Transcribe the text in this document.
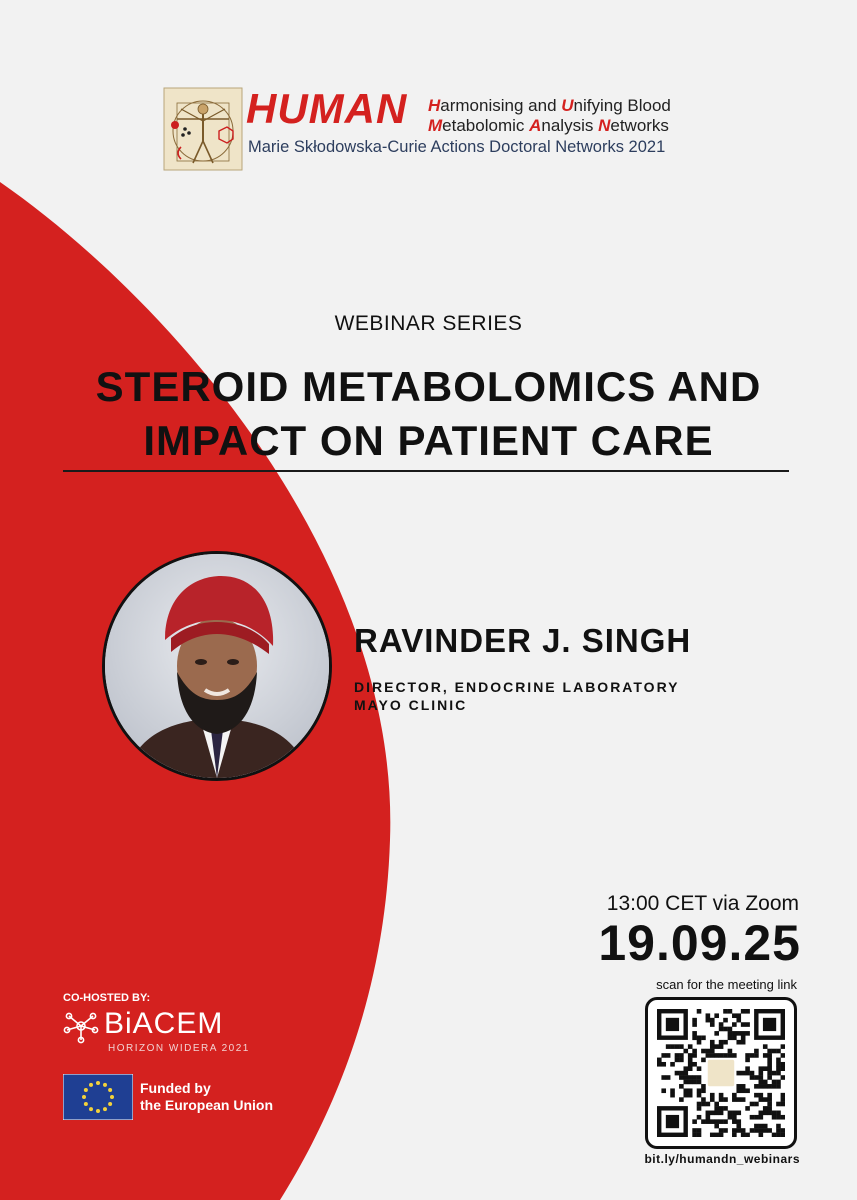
HUMAN Harmonising and Unifying Blood
Metabolomic Analysis Networks
Marie Skłodowska-Curie Actions Doctoral Networks 2021
WEBINAR SERIES
STEROID METABOLOMICS AND
IMPACT ON PATIENT CARE
RAVINDER J. SINGH
DIRECTOR, ENDOCRINE LABORATORY
MAYO CLINIC
13:00 CET via Zoom
19.09.25
scan for the meeting link
bit.ly/humandn_webinars
CO-HOSTED BY:
BiACEM
HORIZON WIDERA 2021
Funded by
the European Union
